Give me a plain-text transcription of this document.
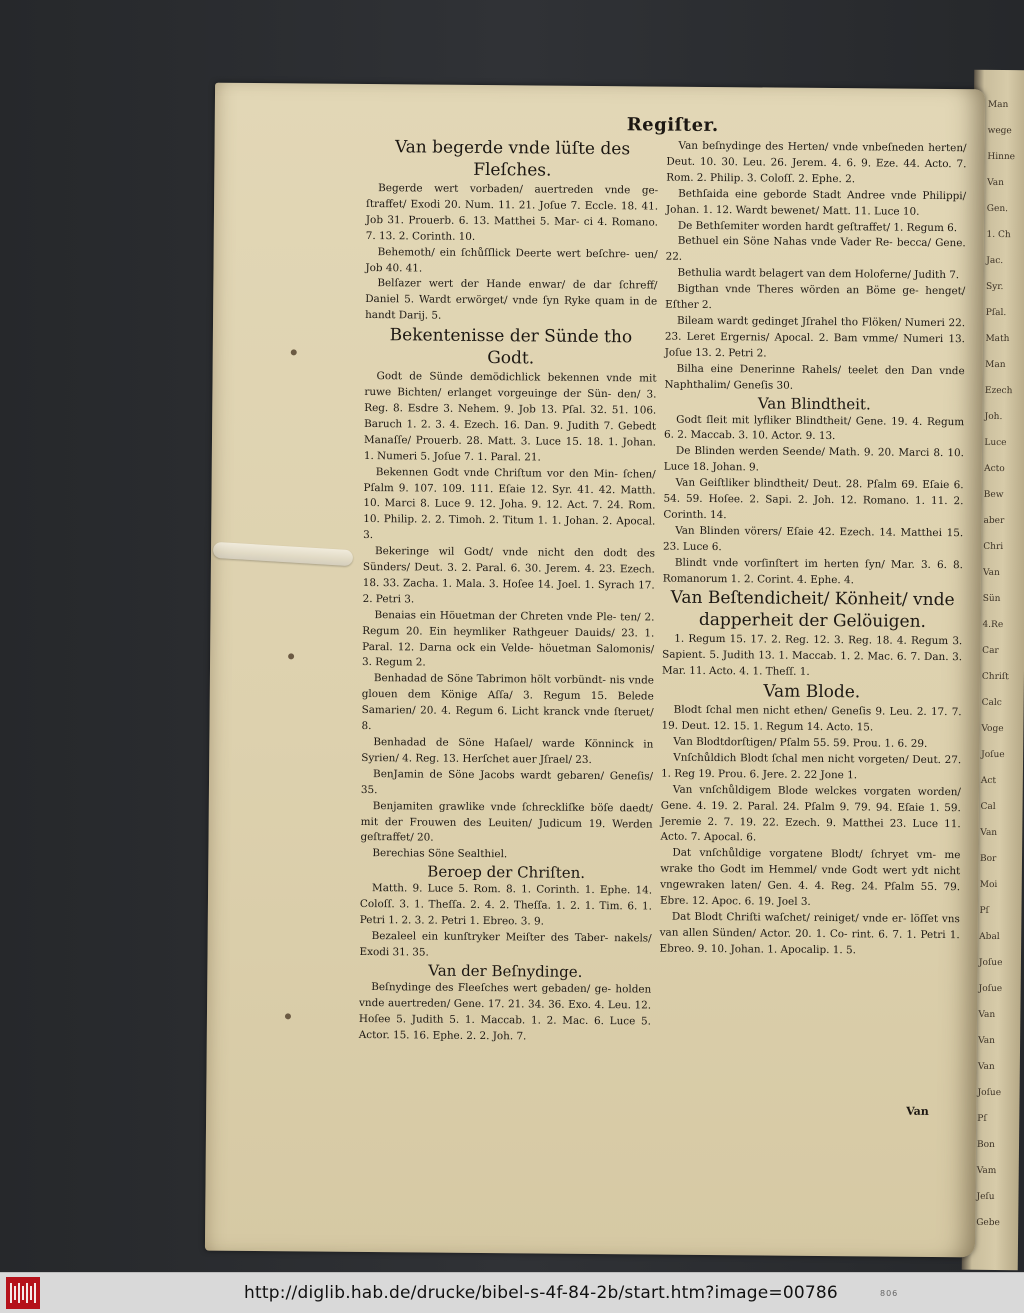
Man
wege
Hinne
Van
Gen.
1. Ch
Jac.
Syr.
Pſal.
Math
Man
Ezech
Joh.
Luce
Acto
Bew
aber
Chri
Van
Sün
4.Re
Car
Chriſt
Calc
Voge
Joſue
Act
Cal
Van
Bor
Moi
Pſ
Abal
Joſue
Joſue
Van
Van
Van
Joſue
Pſ
Bon
Vam
Jeſu
Gebe
Regiſter.
Van begerde vnde lüſte des Fleſches.

Begerde wert vorbaden/ auertreden vnde ge‑ ſtraffet/ Exodi 20. Num. 11. 21. Joſue 7. Eccle. 18. 41. Job 31. Prouerb. 6. 13. Matthei 5. Mar‑ ci 4. Romano. 7. 13. 2. Corinth. 10.

Behemoth/ ein ſchůſſlick Deerte wert beſchre‑ uen/ Job 40. 41.

Belſazer wert der Hande enwar/ de dar ſchreff/ Daniel 5. Wardt erwörget/ vnde ſyn Ryke quam in de handt Darij. 5.

Bekentenisse der Sünde tho Godt.

Godt de Sünde demödichlick bekennen vnde mit ruwe Bichten/ erlanget vorgeuinge der Sün‑ den/ 3. Reg. 8. Esdre 3. Nehem. 9. Job 13. Pſal. 32. 51. 106. Baruch 1. 2. 3. 4. Ezech. 16. Dan. 9. Judith 7. Gebedt Manaſſe/ Prouerb. 28. Matt. 3. Luce 15. 18. 1. Johan. 1. Numeri 5. Joſue 7. 1. Paral. 21.

Bekennen Godt vnde Chriſtum vor den Min‑ ſchen/ Pſalm 9. 107. 109. 111. Eſaie 12. Syr. 41. 42. Matth. 10. Marci 8. Luce 9. 12. Joha. 9. 12. Act. 7. 24. Rom. 10. Philip. 2. 2. Timoh. 2. Titum 1. 1. Johan. 2. Apocal. 3.

Bekeringe wil Godt/ vnde nicht den dodt des Sünders/ Deut. 3. 2. Paral. 6. 30. Jerem. 4. 23. Ezech. 18. 33. Zacha. 1. Mala. 3. Hoſee 14. Joel. 1. Syrach 17. 2. Petri 3.

Benaias ein Höuetman der Chreten vnde Ple‑ ten/ 2. Regum 20. Ein heymliker Rathgeuer Dauids/ 23. 1. Paral. 12. Darna ock ein Velde‑ höuetman Salomonis/ 3. Regum 2.

Benhadad de Söne Tabrimon hölt vorbündt‑ nis vnde glouen dem Könige Aſſa/ 3. Regum 15. Belede Samarien/ 20. 4. Regum 6. Licht kranck vnde ſteruet/ 8.

Benhadad de Söne Haſael/ warde Könninck in Syrien/ 4. Reg. 13. Herſchet auer Jſrael/ 23.

BenJamin de Söne Jacobs wardt gebaren/ Geneſis/ 35.

Benjamiten grawlike vnde ſchreckliſke böſe daedt/ mit der Frouwen des Leuiten/ Judicum 19. Werden geſtraffet/ 20.

Berechias Söne Sealthiel.

Beroep der Chriſten.

Matth. 9. Luce 5. Rom. 8. 1. Corinth. 1. Ephe. 14. Coloſſ. 3. 1. Theſſa. 2. 4. 2. Theſſa. 1. 2. 1. Tim. 6. 1. Petri 1. 2. 3. 2. Petri 1. Ebreo. 3. 9.

Bezaleel ein kunſtryker Meiſter des Taber‑ nakels/ Exodi 31. 35.

Van der Beſnydinge.

Beſnydinge des Fleeſches wert gebaden/ ge‑ holden vnde auertreden/ Gene. 17. 21. 34. 36. Exo. 4. Leu. 12. Hoſee 5. Judith 5. 1. Maccab. 1. 2. Mac. 6. Luce 5. Actor. 15. 16. Ephe. 2. 2. Joh. 7.

Van beſnydinge des Herten/ vnde vnbeſneden herten/ Deut. 10. 30. Leu. 26. Jerem. 4. 6. 9. Eze. 44. Acto. 7. Rom. 2. Philip. 3. Coloſſ. 2. Ephe. 2.

Bethſaida eine geborde Stadt Andree vnde Philippi/ Johan. 1. 12. Wardt bewenet/ Matt. 11. Luce 10.

De Bethſemiter worden hardt geſtraffet/ 1. Regum 6.

Bethuel ein Söne Nahas vnde Vader Re‑ becca/ Gene. 22.

Bethulia wardt belagert van dem Holoferne/ Judith 7.

Bigthan vnde Theres wörden an Böme ge‑ henget/ Eſther 2.

Bileam wardt gedinget Jſrahel tho Flöken/ Numeri 22. 23. Leret Ergernis/ Apocal. 2. Bam vmme/ Numeri 13. Joſue 13. 2. Petri 2.

Bilha eine Denerinne Rahels/ teelet den Dan vnde Naphthalim/ Geneſis 30.

Van Blindtheit.

Godt ſleit mit lyfliker Blindtheit/ Gene. 19. 4. Regum 6. 2. Maccab. 3. 10. Actor. 9. 13.

De Blinden werden Seende/ Math. 9. 20. Marci 8. 10. Luce 18. Johan. 9.

Van Geiſtliker blindtheit/ Deut. 28. Pſalm 69. Eſaie 6. 54. 59. Hoſee. 2. Sapi. 2. Joh. 12. Romano. 1. 11. 2. Corinth. 14.

Van Blinden vörers/ Eſaie 42. Ezech. 14. Matthei 15. 23. Luce 6.

Blindt vnde vorſinſtert im herten ſyn/ Mar. 3. 6. 8. Romanorum 1. 2. Corint. 4. Ephe. 4.

Van Beſtendicheit/ Kӧnheit/ vnde dapperheit der Gelöuigen.

1. Regum 15. 17. 2. Reg. 12. 3. Reg. 18. 4. Regum 3. Sapient. 5. Judith 13. 1. Maccab. 1. 2. Mac. 6. 7. Dan. 3. Mar. 11. Acto. 4. 1. Theſſ. 1.

Vam Blode.

Blodt ſchal men nicht ethen/ Geneſis 9. Leu. 2. 17. 7. 19. Deut. 12. 15. 1. Regum 14. Acto. 15.

Van Blodtdorſtigen/ Pſalm 55. 59. Prou. 1. 6. 29.

Vnſchůldich Blodt ſchal men nicht vorgeten/ Deut. 27. 1. Reg 19. Prou. 6. Jere. 2. 22 Jone 1.

Van vnſchůldigem Blode welckes vorgaten worden/ Gene. 4. 19. 2. Paral. 24. Pſalm 9. 79. 94. Eſaie 1. 59. Jeremie 2. 7. 19. 22. Ezech. 9. Matthei 23. Luce 11. Acto. 7. Apocal. 6.

Dat vnſchůldige vorgatene Blodt/ ſchryet vm‑ me wrake tho Godt im Hemmel/ vnde Godt wert ydt nicht vngewraken laten/ Gen. 4. 4. Reg. 24. Pſalm 55. 79. Ebre. 12. Apoc. 6. 19. Joel 3.

Dat Blodt Chriſti waſchet/ reiniget/ vnde er‑ löſſet vns van allen Sünden/ Actor. 20. 1. Co‑ rint. 6. 7. 1. Petri 1. Ebreo. 9. 10. Johan. 1. Apocalip. 1. 5.

Van
http://diglib.hab.de/drucke/bibel-s-4f-84-2b/start.htm?image=00786	806
